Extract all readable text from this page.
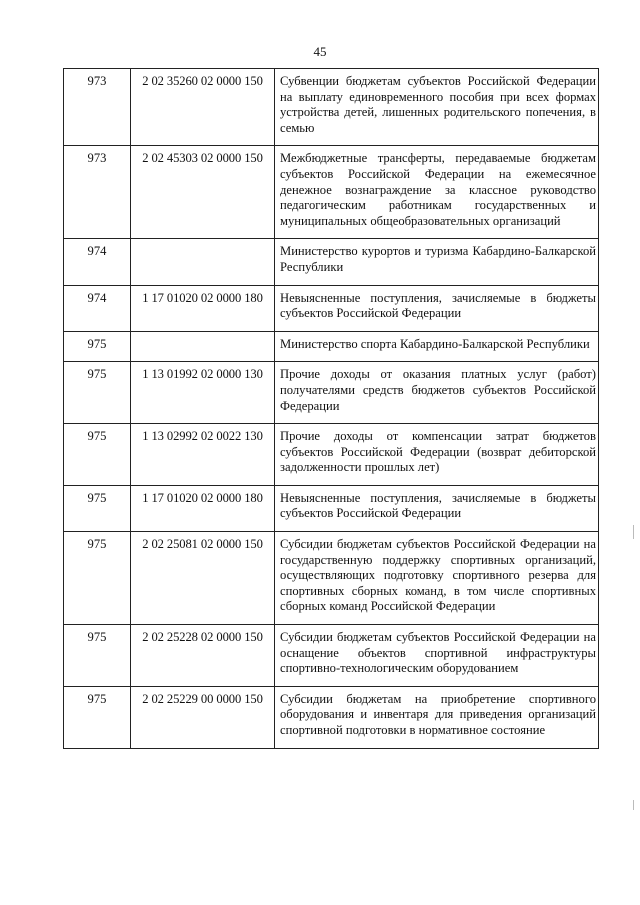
45
973	2 02 35260 02 0000 150	Субвенции бюджетам субъектов Российской Федерации на выплату единовременного пособия при всех формах устройства детей, лишенных родительского попечения, в семью
973	2 02 45303 02 0000 150	Межбюджетные трансферты, передаваемые бюджетам субъектов Российской Федерации на ежемесячное денежное вознаграждение за классное руководство педагогическим работникам государственных и муниципальных общеобразовательных организаций
974		Министерство курортов и туризма Кабардино-Балкарской Республики
974	1 17 01020 02 0000 180	Невыясненные поступления, зачисляемые в бюджеты субъектов Российской Федерации
975		Министерство спорта Кабардино-Балкарской Республики
975	1 13 01992 02 0000 130	Прочие доходы от оказания платных услуг (работ) получателями средств бюджетов субъектов Российской Федерации
975	1 13 02992 02 0022 130	Прочие доходы от компенсации затрат бюджетов субъектов Российской Федерации (возврат дебиторской задолженности прошлых лет)
975	1 17 01020 02 0000 180	Невыясненные поступления, зачисляемые в бюджеты субъектов Российской Федерации
975	2 02 25081 02 0000 150	Субсидии бюджетам субъектов Российской Федерации на государственную поддержку спортивных организаций, осуществляющих подготовку спортивного резерва для спортивных сборных команд, в том числе спортивных сборных команд Российской Федерации
975	2 02 25228 02 0000 150	Субсидии бюджетам субъектов Российской Федерации на оснащение объектов спортивной инфраструктуры спортивно-технологическим оборудованием
975	2 02 25229 00 0000 150	Субсидии бюджетам на приобретение спортивного оборудования и инвентаря для приведения организаций спортивной подготовки в нормативное состояние
